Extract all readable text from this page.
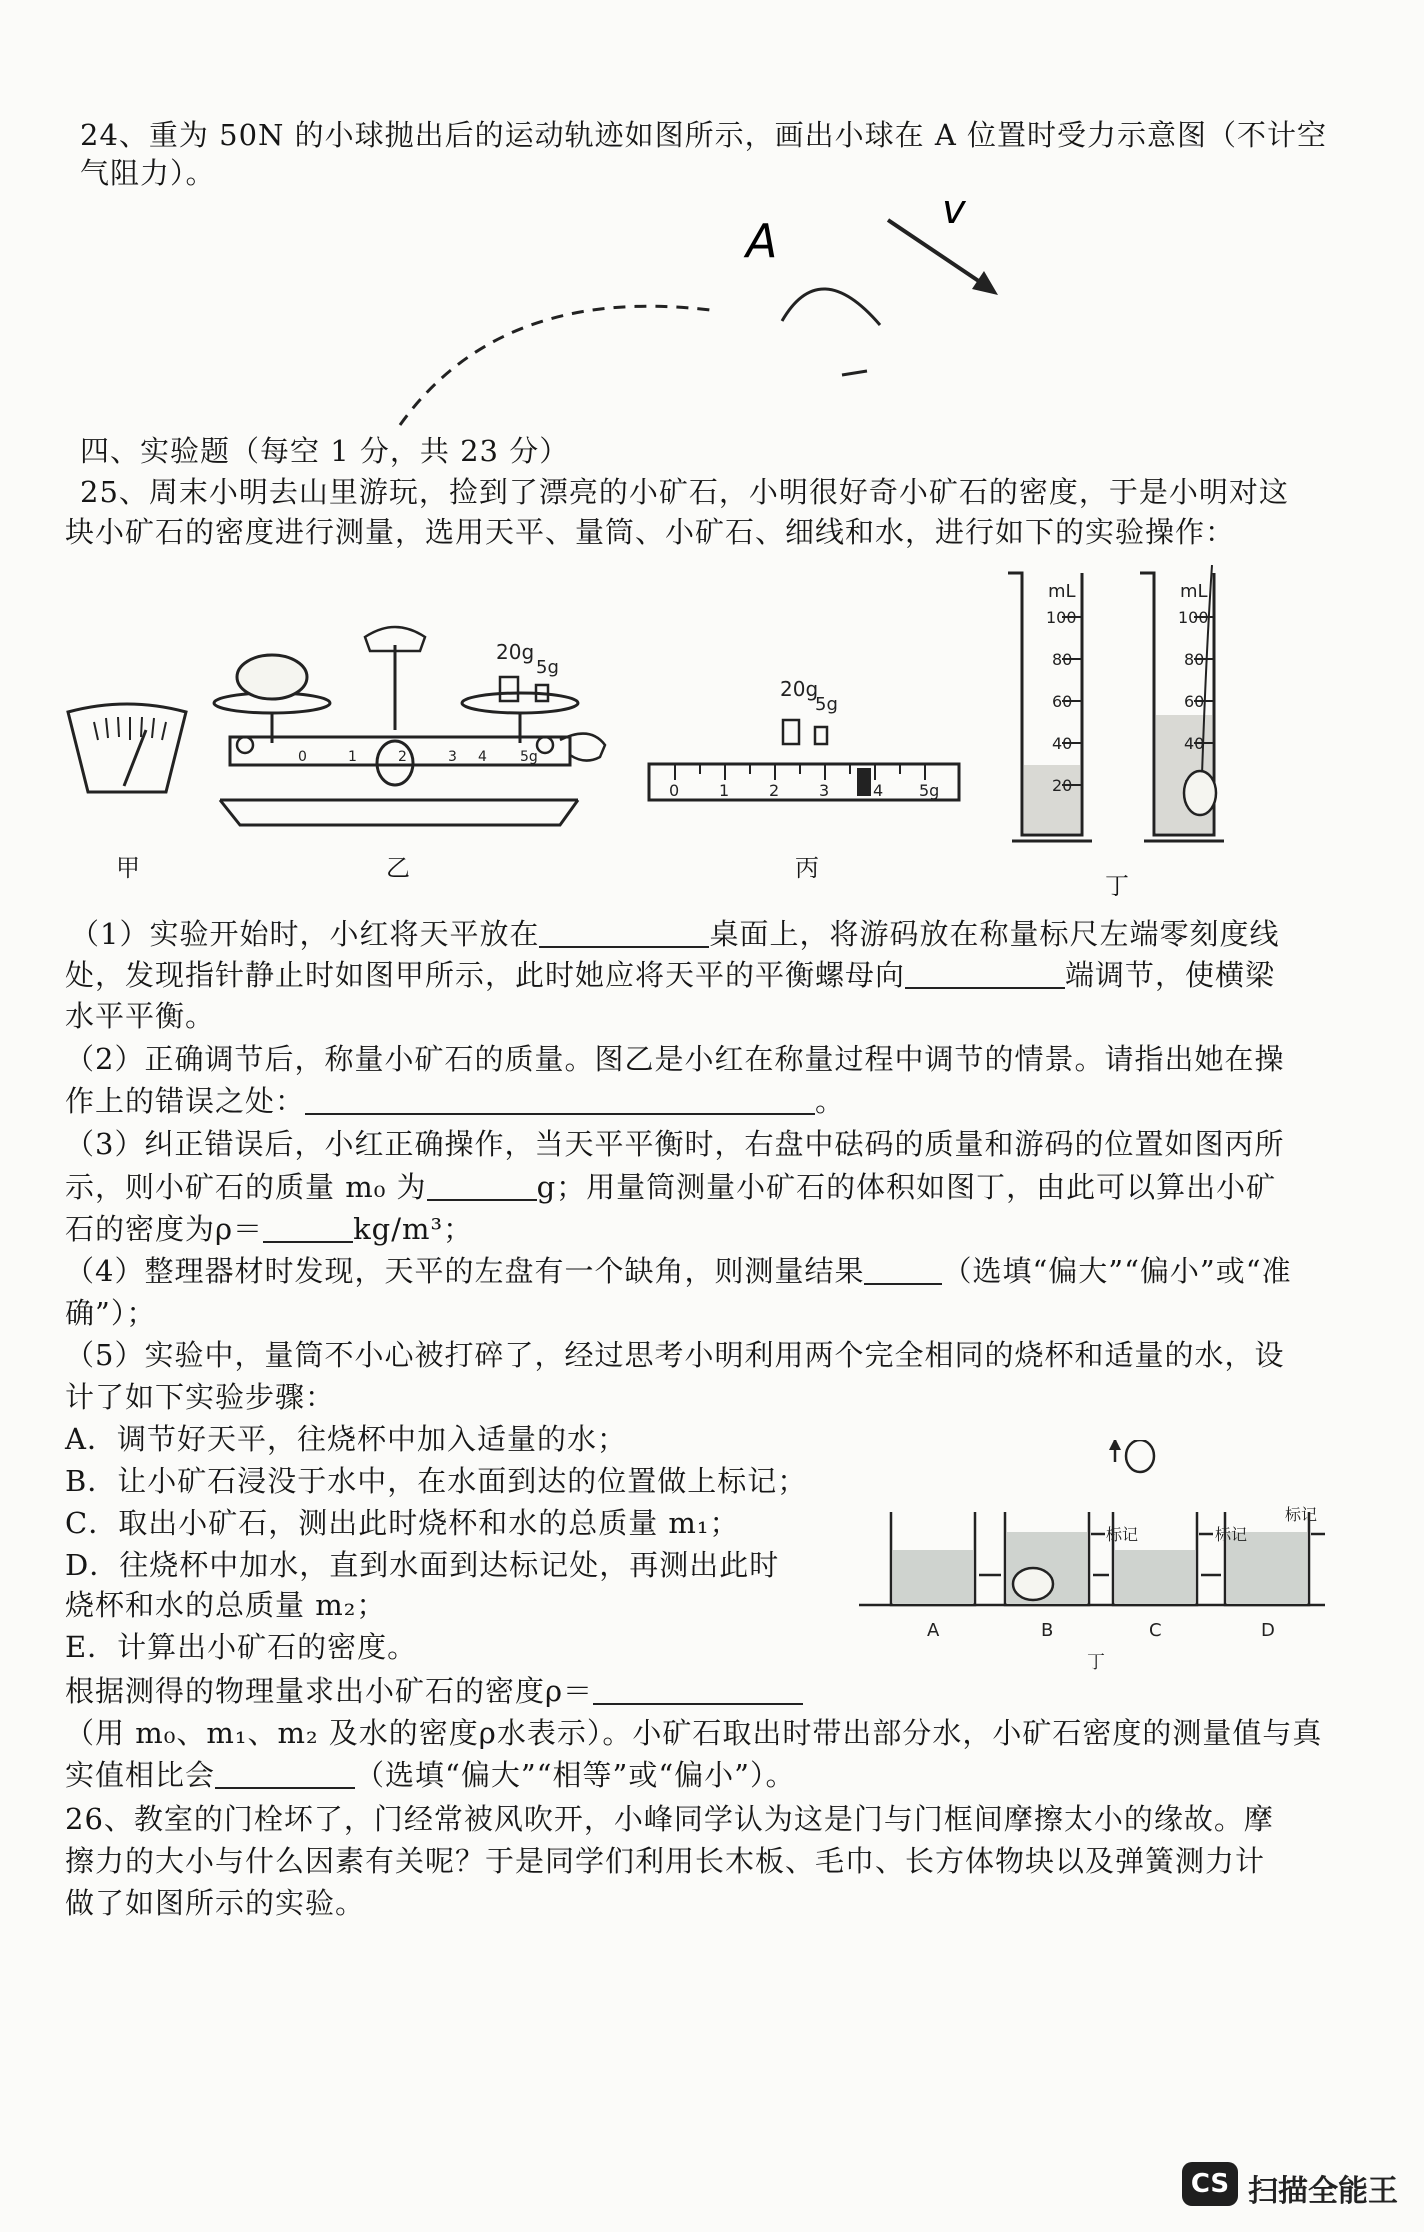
24、重为 50N 的小球抛出后的运动轨迹如图所示，画出小球在 A 位置时受力示意图（不计空
气阻力）。
A
v
四、实验题（每空 1 分，共 23 分）
25、周末小明去山里游玩，捡到了漂亮的小矿石，小明很好奇小矿石的密度，于是小明对这
块小矿石的密度进行测量，选用天平、量筒、小矿石、细线和水，进行如下的实验操作：
甲
0	1	2	3 4 5g
20g
5g
乙
20g
5g
0 1 2 3	4 5g
丙
mL
100
80
60
40
20
mL
100
80
60
40
丁
（1）实验开始时，小红将天平放在	桌面上，将游码放在称量标尺左端零刻度线
处，发现指针静止时如图甲所示，此时她应将天平的平衡螺母向	端调节，使横梁
水平平衡。
（2）正确调节后，称量小矿石的质量。图乙是小红在称量过程中调节的情景。请指出她在操
作上的错误之处：	。
（3）纠正错误后，小红正确操作，当天平平衡时，右盘中砝码的质量和游码的位置如图丙所
示，则小矿石的质量 m₀ 为	g；用量筒测量小矿石的体积如图丁，由此可以算出小矿
石的密度为ρ＝	kg/m³；
（4）整理器材时发现，天平的左盘有一个缺角，则测量结果	（选填“偏大”“偏小”或“准
确”）；
（5）实验中，量筒不小心被打碎了，经过思考小明利用两个完全相同的烧杯和适量的水，设
计了如下实验步骤：
A．调节好天平，往烧杯中加入适量的水；
B．让小矿石浸没于水中，在水面到达的位置做上标记；
C．取出小矿石，测出此时烧杯和水的总质量 m₁；
D．往烧杯中加水，直到水面到达标记处，再测出此时
烧杯和水的总质量 m₂；
E．计算出小矿石的密度。
标记	标记
标记
A	B	C	D
丁
根据测得的物理量求出小矿石的密度ρ＝
（用 m₀、m₁、m₂ 及水的密度ρ水表示）。小矿石取出时带出部分水，小矿石密度的测量值与真
实值相比会	（选填“偏大”“相等”或“偏小”）。
26、教室的门栓坏了，门经常被风吹开，小峰同学认为这是门与门框间摩擦太小的缘故。摩
擦力的大小与什么因素有关呢？于是同学们利用长木板、毛巾、长方体物块以及弹簧测力计
做了如图所示的实验。
CS 扫描全能王
